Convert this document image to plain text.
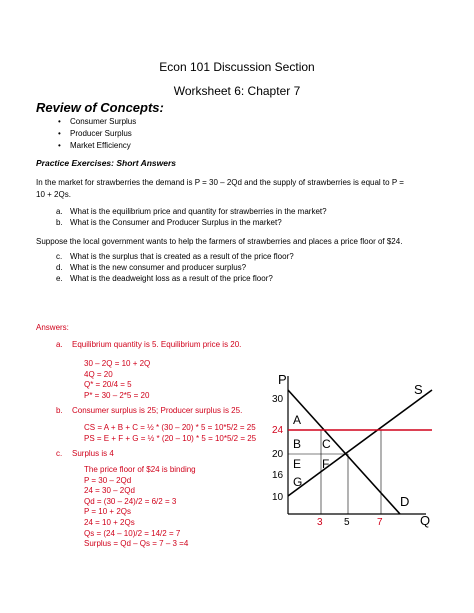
Econ 101 Discussion Section
Worksheet 6: Chapter 7
Review of Concepts:
• Consumer Surplus
• Producer Surplus
• Market Efficiency
Practice Exercises: Short Answers
In the market for strawberries the demand is P = 30 – 2Qd and the supply of strawberries is equal to P =
10 + 2Qs.
a. What is the equilibrium price and quantity for strawberries in the market?
b. What is the Consumer and Producer Surplus in the market?
Suppose the local government wants to help the farmers of strawberries and places a price floor of $24.
c. What is the surplus that is created as a result of the price floor?
d. What is the new consumer and producer surplus?
e. What is the deadweight loss as a result of the price floor?
Answers:
a. Equilibrium quantity is 5. Equilibrium price is 20.
30 – 2Q = 10 + 2Q
4Q = 20
Q* = 20/4 = 5
P* = 30 – 2*5 = 20
b. Consumer surplus is 25; Producer surplus is 25.
CS = A + B + C = ½ * (30 – 20) * 5 = 10*5/2 = 25
PS = E + F + G = ½ * (20 – 10) * 5 = 10*5/2 = 25
c. Surplus is 4
The price floor of $24 is binding
P = 30 – 2Qd
24 = 30 – 2Qd
Qd = (30 – 24)/2 = 6/2 = 3
P = 10 + 2Qs
24 = 10 + 2Qs
Qs = (24 – 10)/2 = 14/2 = 7
Surplus = Qd – Qs = 7 – 3 =4
P
Q
S
D
30
24
20
16
10
3 5	7
A
B C
E F
G
